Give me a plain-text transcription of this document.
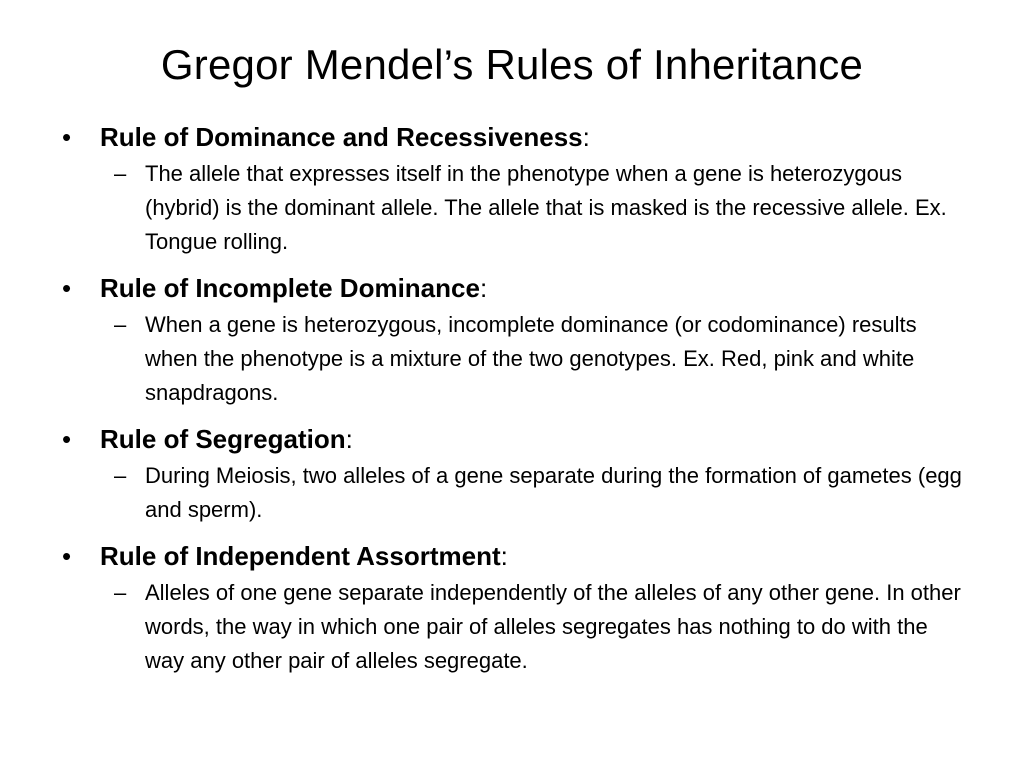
Gregor Mendel’s Rules of Inheritance
• Rule of Dominance and Recessiveness:
– The allele that expresses itself in the phenotype when a gene is heterozygous (hybrid) is the dominant allele. The allele that is masked is the recessive allele. Ex. Tongue rolling.
• Rule of Incomplete Dominance:
– When a gene is heterozygous, incomplete dominance (or codominance) results when the phenotype is a mixture of the two genotypes. Ex. Red, pink and white snapdragons.
• Rule of Segregation:
– During Meiosis, two alleles of a gene separate during the formation of gametes (egg and sperm).
• Rule of Independent Assortment:
– Alleles of one gene separate independently of the alleles of any other gene. In other words, the way in which one pair of alleles segregates has nothing to do with the way any other pair of alleles segregate.
